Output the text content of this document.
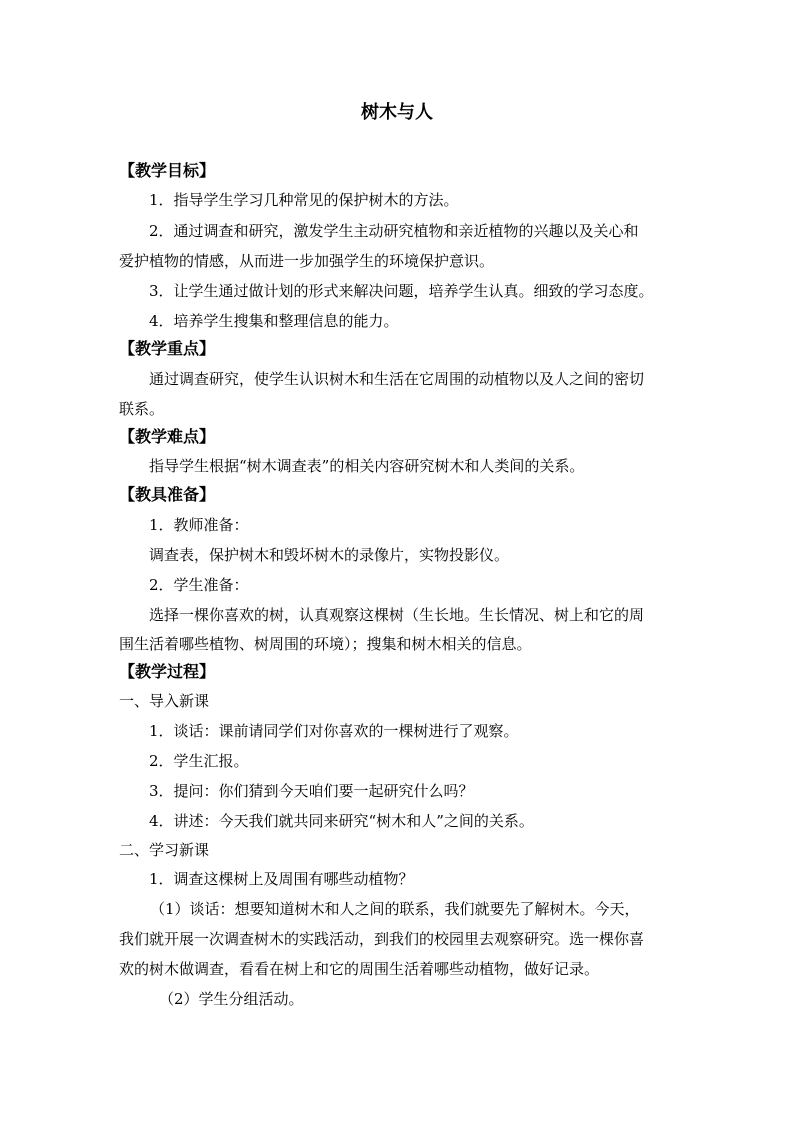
树木与人
【教学目标】
1．指导学生学习几种常见的保护树木的方法。
2．通过调查和研究，激发学生主动研究植物和亲近植物的兴趣以及关心和
爱护植物的情感，从而进一步加强学生的环境保护意识。
3．让学生通过做计划的形式来解决问题，培养学生认真。细致的学习态度。
4．培养学生搜集和整理信息的能力。
【教学重点】
通过调查研究，使学生认识树木和生活在它周围的动植物以及人之间的密切
联系。
【教学难点】
指导学生根据“树木调查表”的相关内容研究树木和人类间的关系。
【教具准备】
1．教师准备：
调查表，保护树木和毁坏树木的录像片，实物投影仪。
2．学生准备：
选择一棵你喜欢的树，认真观察这棵树（生长地。生长情况、树上和它的周
围生活着哪些植物、树周围的环境）；搜集和树木相关的信息。
【教学过程】
一、导入新课
1．谈话：课前请同学们对你喜欢的一棵树进行了观察。
2．学生汇报。
3．提问：你们猜到今天咱们要一起研究什么吗？
4．讲述：今天我们就共同来研究“树木和人”之间的关系。
二、学习新课
1．调查这棵树上及周围有哪些动植物？
（1）谈话：想要知道树木和人之间的联系，我们就要先了解树木。今天，
我们就开展一次调查树木的实践活动，到我们的校园里去观察研究。选一棵你喜
欢的树木做调查，看看在树上和它的周围生活着哪些动植物，做好记录。
（2）学生分组活动。
